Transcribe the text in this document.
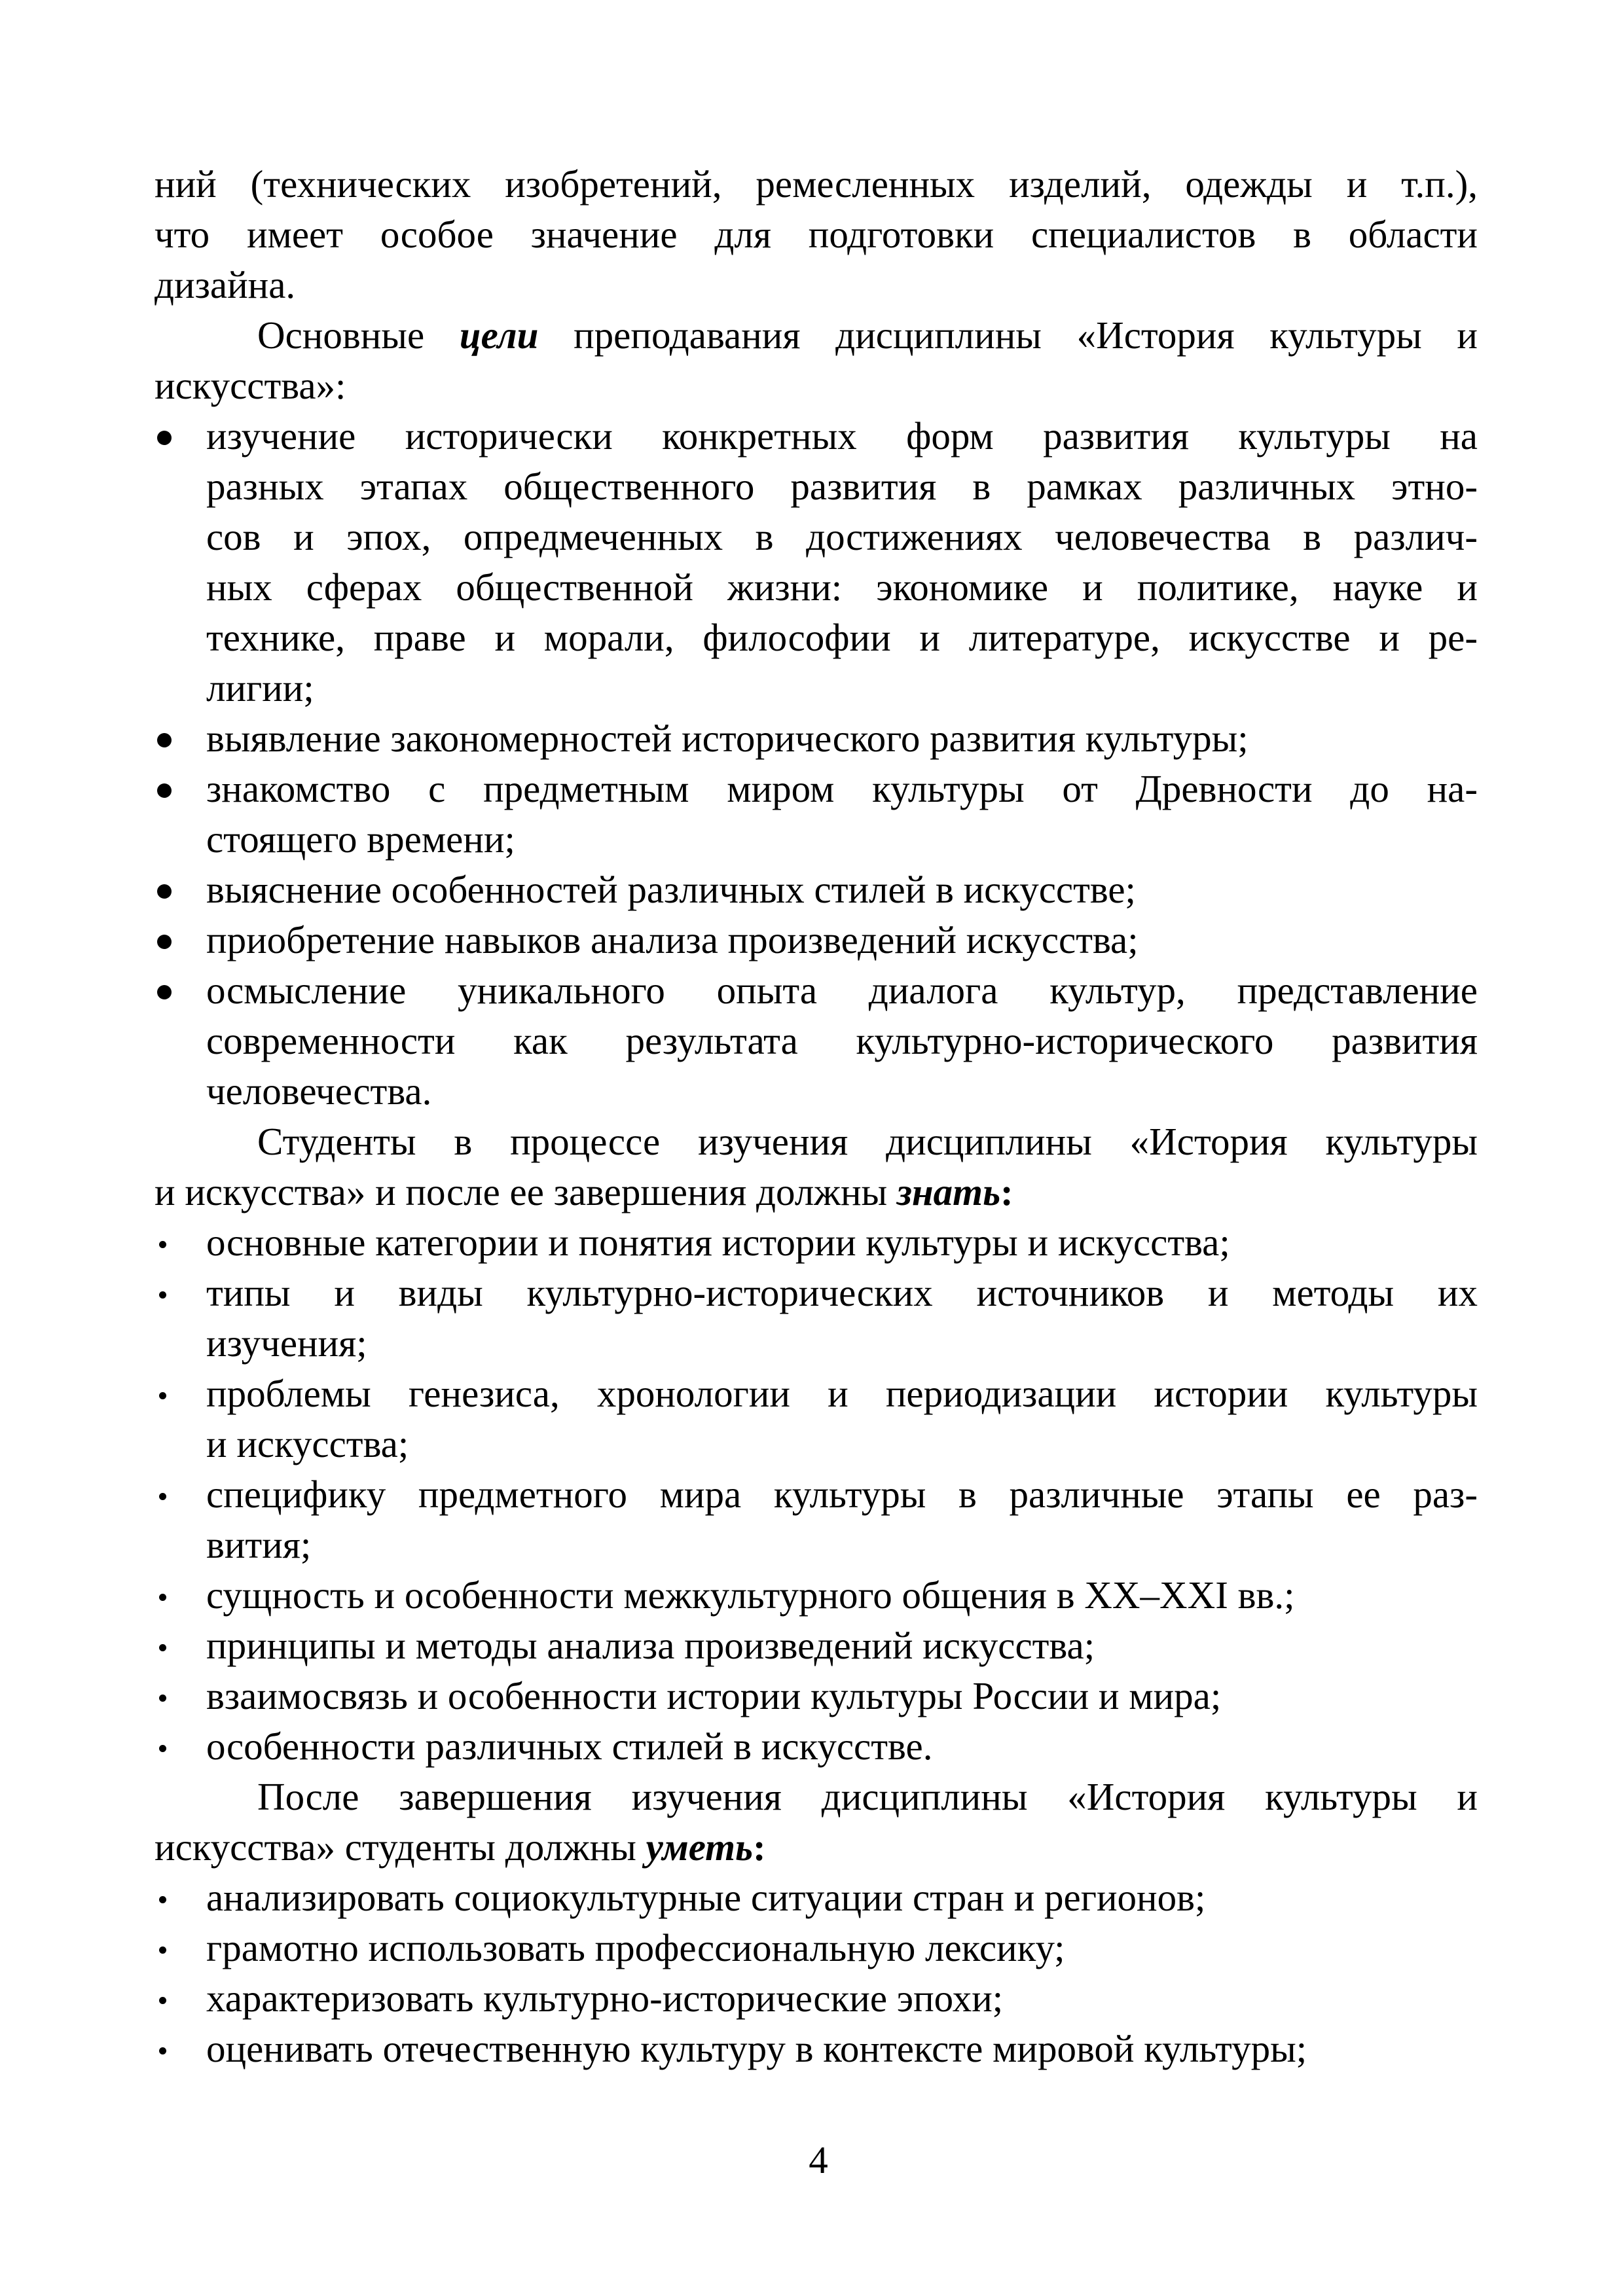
ний (технических изобретений, ремесленных изделий, одежды и т.п.),
что имеет особое значение для подготовки специалистов в области
дизайна.
Основные цели преподавания дисциплины «История культуры и
искусства»:
изучение исторически конкретных форм развития культуры на
разных этапах общественного развития в рамках различных этно-
сов и эпох, опредмеченных в достижениях человечества в различ-
ных сферах общественной жизни: экономике и политике, науке и
технике, праве и морали, философии и литературе, искусстве и ре-
лигии;
выявление закономерностей исторического развития культуры;
знакомство с предметным миром культуры от Древности до на-
стоящего времени;
выяснение особенностей различных стилей в искусстве;
приобретение навыков анализа произведений искусства;
осмысление уникального опыта диалога культур, представление
современности как результата культурно-исторического развития
человечества.
Студенты в процессе изучения дисциплины «История культуры
и искусства» и после ее завершения должны знать:
основные категории и понятия истории культуры и искусства;
типы и виды культурно-исторических источников и методы их
изучения;
проблемы генезиса, хронологии и периодизации истории культуры
и искусства;
специфику предметного мира культуры в различные этапы ее раз-
вития;
сущность и особенности межкультурного общения в XX–XXI вв.;
принципы и методы анализа произведений искусства;
взаимосвязь и особенности истории культуры России и мира;
особенности различных стилей в искусстве.
После завершения изучения дисциплины «История культуры и
искусства» студенты должны уметь:
анализировать социокультурные ситуации стран и регионов;
грамотно использовать профессиональную лексику;
характеризовать культурно-исторические эпохи;
оценивать отечественную культуру в контексте мировой культуры;
4
